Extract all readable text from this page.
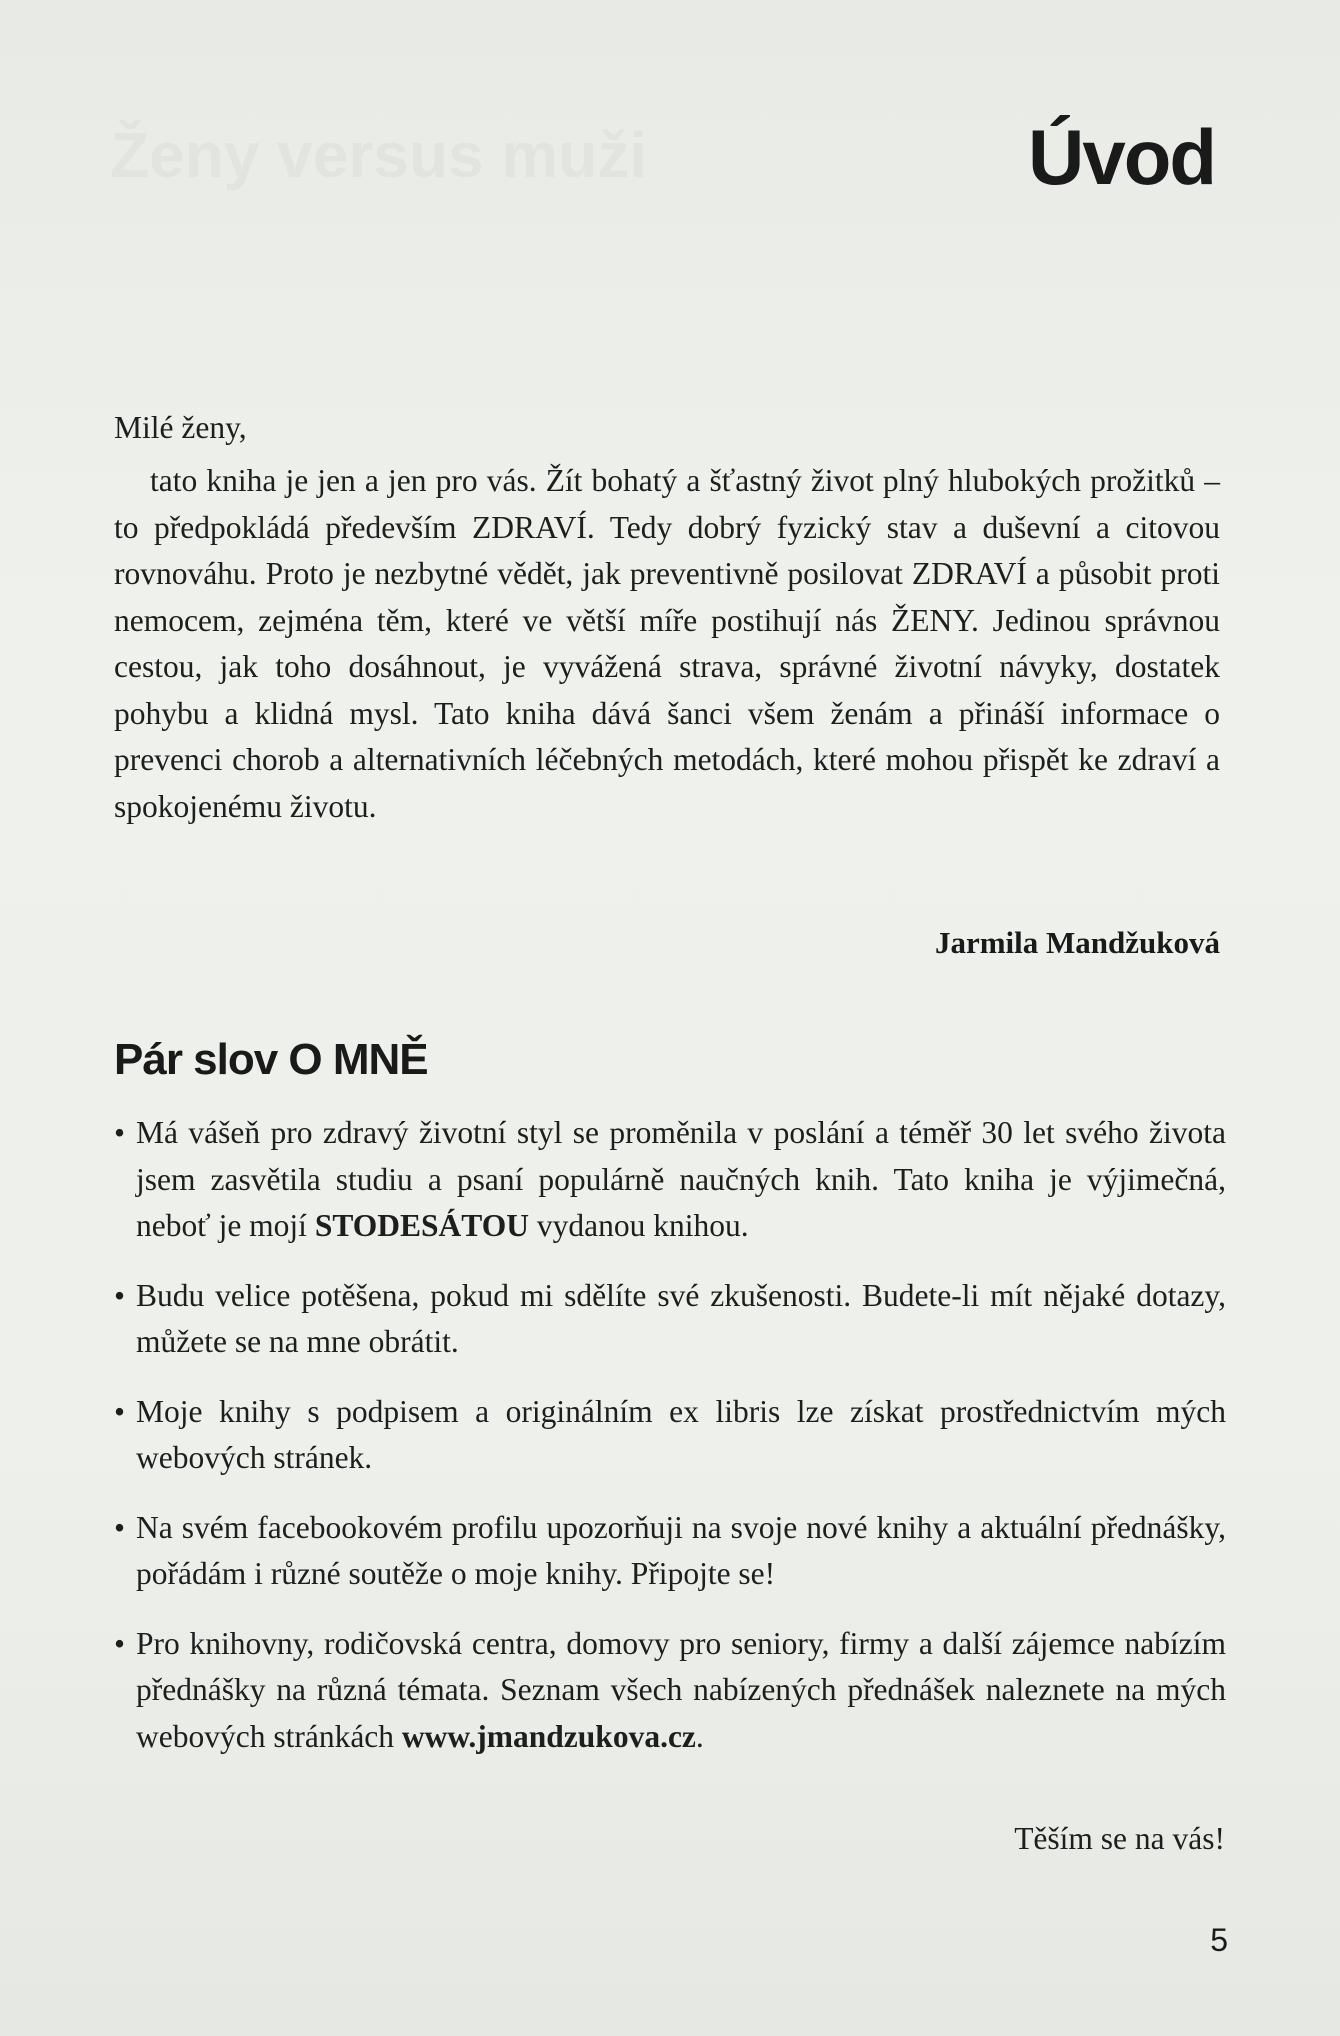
Ženy versus muži	Úvod
Milé ženy,

tato kniha je jen a jen pro vás. Žít bohatý a šťastný život plný hlubokých prožitků – to předpokládá především ZDRAVÍ. Tedy dobrý fyzický stav a duševní a citovou rovnováhu. Proto je nezbytné vědět, jak preventivně posilovat ZDRAVÍ a působit proti nemocem, zejména těm, které ve větší míře postihují nás ŽENY. Jedinou správnou cestou, jak toho dosáhnout, je vyvážená strava, správné životní návyky, dostatek pohybu a klidná mysl. Tato kniha dává šanci všem ženám a přináší informace o prevenci chorob a alternativních léčebných metodách, které mohou přispět ke zdraví a spokojenému životu.

Jarmila Mandžuková
Pár slov O MNĚ
• Má vášeň pro zdravý životní styl se proměnila v poslání a téměř 30 let svého života jsem zasvětila studiu a psaní populárně naučných knih. Tato kniha je výjimečná, neboť je mojí STODESÁTOU vydanou knihou.
• Budu velice potěšena, pokud mi sdělíte své zkušenosti. Budete-li mít nějaké dotazy, můžete se na mne obrátit.
• Moje knihy s podpisem a originálním ex libris lze získat prostřednictvím mých webových stránek.
• Na svém facebookovém profilu upozorňuji na svoje nové knihy a aktuální přednášky, pořádám i různé soutěže o moje knihy. Připojte se!
• Pro knihovny, rodičovská centra, domovy pro seniory, firmy a další zájemce nabízím přednášky na různá témata. Seznam všech nabízených přednášek naleznete na mých webových stránkách www.jmandzukova.cz.
Těším se na vás!
5
